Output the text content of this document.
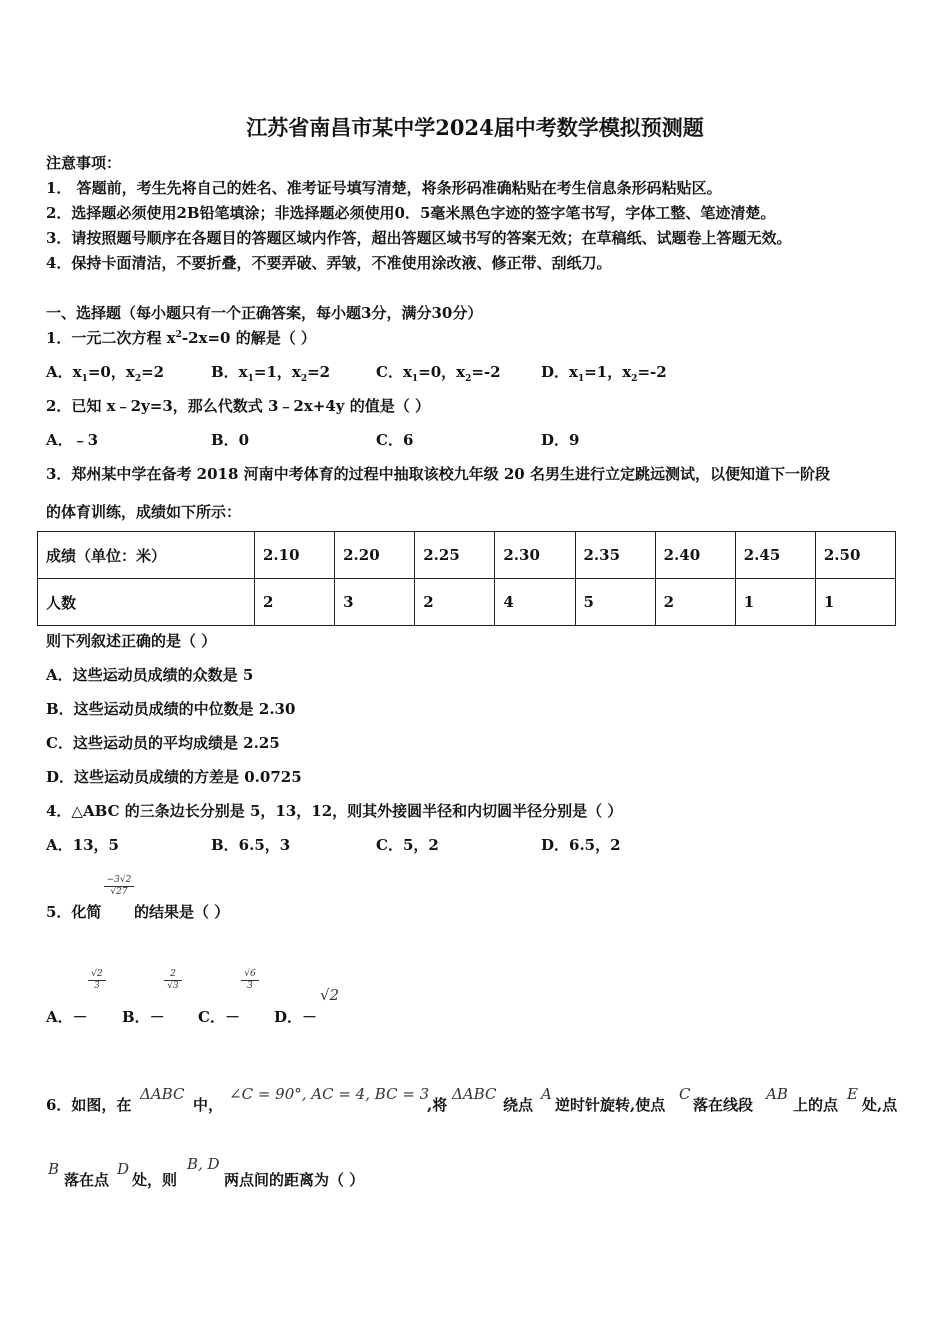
江苏省南昌市某中学2024届中考数学模拟预测题
注意事项：
1． 答题前，考生先将自己的姓名、准考证号填写清楚，将条形码准确粘贴在考生信息条形码粘贴区。
2．选择题必须使用2B铅笔填涂；非选择题必须使用0．5毫米黑色字迹的签字笔书写，字体工整、笔迹清楚。
3．请按照题号顺序在各题目的答题区域内作答，超出答题区域书写的答案无效；在草稿纸、试题卷上答题无效。
4．保持卡面清洁，不要折叠，不要弄破、弄皱，不准使用涂改液、修正带、刮纸刀。
一、选择题（每小题只有一个正确答案，每小题3分，满分30分）
1．一元二次方程 $x^2-2x=0$ 的解是（ ）
A．$x_1=0$，$x_2=2$	B．$x_1=1$，$x_2=2$	C．$x_1=0$，$x_2=-2$	D．$x_1=1$，$x_2=-2$
2．已知 x﹣2y=3，那么代数式 3﹣2x+4y 的值是（ ）
A．﹣3	B．0	C．6	D．9
3．郑州某中学在备考 2018 河南中考体育的过程中抽取该校九年级 20 名男生进行立定跳远测试，以便知道下一阶段
的体育训练，成绩如下所示：
成绩（单位：米）	2.10	2.20	2.25	2.30	2.35	2.40	2.45	2.50
人数	2	3	2	4	5	2	1	1
则下列叙述正确的是（ ）
A．这些运动员成绩的众数是 5
B．这些运动员成绩的中位数是 2.30
C．这些运动员的平均成绩是 2.25
D．这些运动员成绩的方差是 0.0725
4．△ABC 的三条边长分别是 5，13，12，则其外接圆半径和内切圆半径分别是（ ）
A．13，5	B．6.5，3	C．5，2	D．6.5，2
5．化简
$\frac{-3√2}{√27}$
的结果是（ ）
$\frac{√2}{3}$
A．－
$\frac{2}{√3}$
B．－
$\frac{√6}{3}$
C．－ D．－
√2
6．如图，在
ΔABC
中，
∠C = 90°, AC = 4, BC = 3
,将
ΔABC
绕点
A
逆时针旋转,使点
C
落在线段
AB
上的点
E
处,点
B
落在点
D
处，则
B, D
两点间的距离为（ ）
